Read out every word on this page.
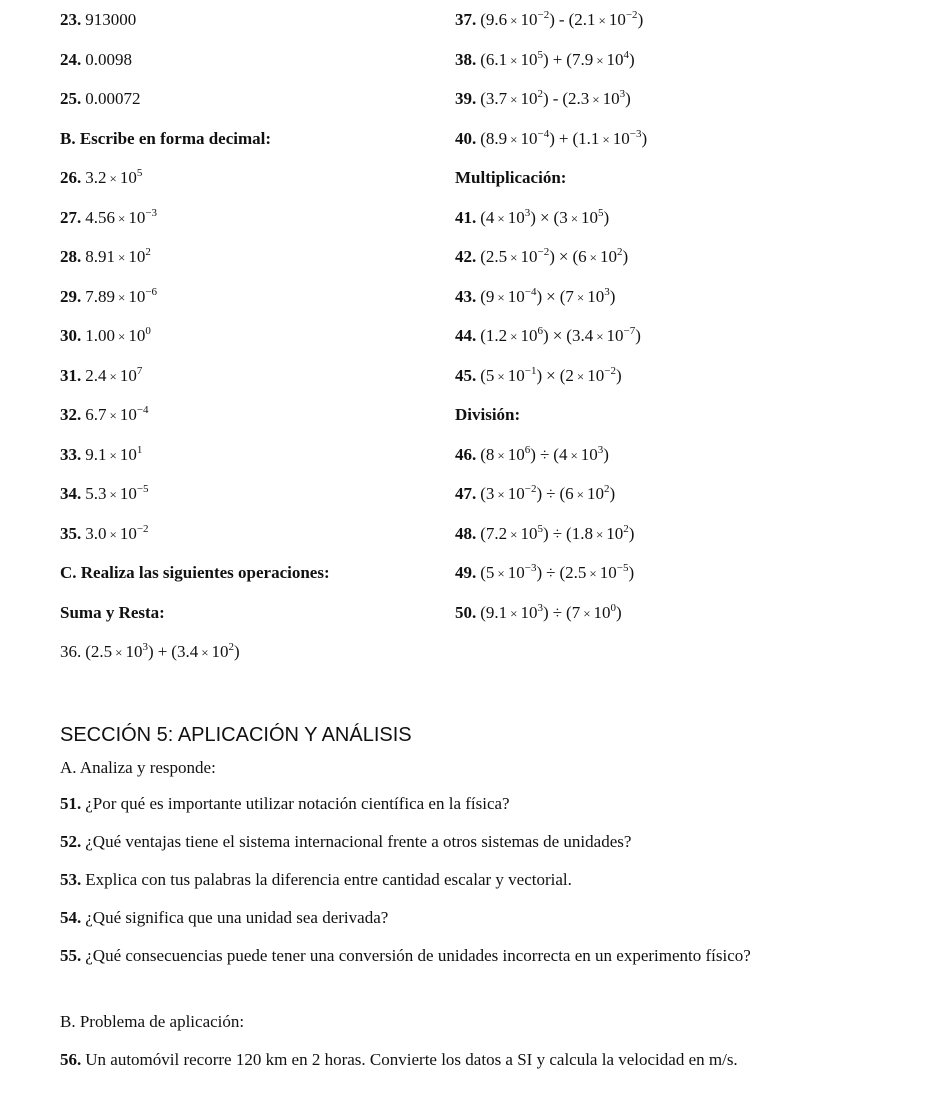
23. 913000
24. 0.0098
25. 0.00072
B. Escribe en forma decimal:
26. $3.2 \times 10^5$
27. $4.56 \times 10^{-3}$
28. $8.91 \times 10^2$
29. $7.89 \times 10^{-6}$
30. $1.00 \times 10^0$
31. $2.4 \times 10^7$
32. $6.7 \times 10^{-4}$
33. $9.1 \times 10^1$
34. $5.3 \times 10^{-5}$
35. $3.0 \times 10^{-2}$
C. Realiza las siguientes operaciones:
Suma y Resta:
36. $(2.5 \times 10^3) + (3.4 \times 10^2)$
37. $(9.6 \times 10^{-2}) - (2.1 \times 10^{-2})$
38. $(6.1 \times 10^5) + (7.9 \times 10^4)$
39. $(3.7 \times 10^2) - (2.3 \times 10^3)$
40. $(8.9 \times 10^{-4}) + (1.1 \times 10^{-3})$
Multiplicación:
41. $(4 \times 10^3) \times (3 \times 10^5)$
42. $(2.5 \times 10^{-2}) \times (6 \times 10^2)$
43. $(9 \times 10^{-4}) \times (7 \times 10^3)$
44. $(1.2 \times 10^6) \times (3.4 \times 10^{-7})$
45. $(5 \times 10^{-1}) \times (2 \times 10^{-2})$
División:
46. $(8 \times 10^6) \div (4 \times 10^3)$
47. $(3 \times 10^{-2}) \div (6 \times 10^2)$
48. $(7.2 \times 10^5) \div (1.8 \times 10^2)$
49. $(5 \times 10^{-3}) \div (2.5 \times 10^{-5})$
50. $(9.1 \times 10^3) \div (7 \times 10^0)$
SECCIÓN 5: APLICACIÓN Y ANÁLISIS
A. Analiza y responde:
51. ¿Por qué es importante utilizar notación científica en la física?
52. ¿Qué ventajas tiene el sistema internacional frente a otros sistemas de unidades?
53. Explica con tus palabras la diferencia entre cantidad escalar y vectorial.
54. ¿Qué significa que una unidad sea derivada?
55. ¿Qué consecuencias puede tener una conversión de unidades incorrecta en un experimento físico?
B. Problema de aplicación:
56. Un automóvil recorre 120 km en 2 horas. Convierte los datos a SI y calcula la velocidad en m/s.
